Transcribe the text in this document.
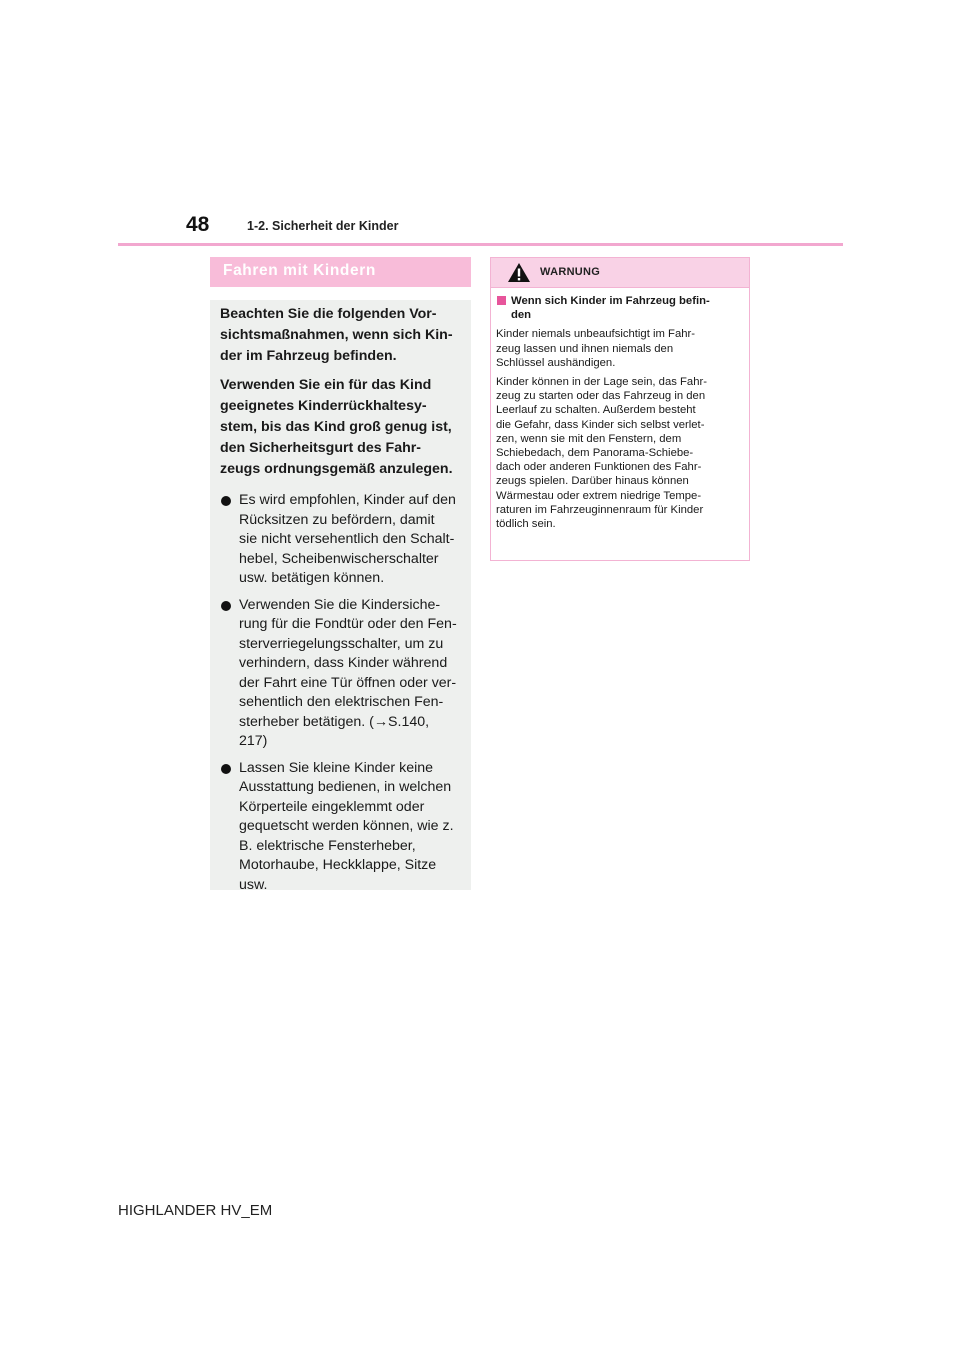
48	1-2. Sicherheit der Kinder
Fahren mit Kindern

Beachten Sie die folgenden Vor-

sichtsmaßnahmen, wenn sich Kin-

der im Fahrzeug befinden.

Verwenden Sie ein für das Kind

geeignetes Kinderrückhaltesy-

stem, bis das Kind groß genug ist,

den Sicherheitsgurt des Fahr-

zeugs ordnungsgemäß anzulegen.

Es wird empfohlen, Kinder auf den
Rücksitzen zu befördern, damit
sie nicht versehentlich den Schalt-
hebel, Scheibenwischerschalter
usw. betätigen können.
Verwenden Sie die Kindersiche-
rung für die Fondtür oder den Fen-
sterverriegelungsschalter, um zu
verhindern, dass Kinder während
der Fahrt eine Tür öffnen oder ver-
sehentlich den elektrischen Fen-
sterheber betätigen. (→S.140,
217)
Lassen Sie kleine Kinder keine
Ausstattung bedienen, in welchen
Körperteile eingeklemmt oder
gequetscht werden können, wie z.
B. elektrische Fensterheber,
Motorhaube, Heckklappe, Sitze
usw.
WARNUNG
Wenn sich Kinder im Fahrzeug befin-
den

Kinder niemals unbeaufsichtigt im Fahr-
zeug lassen und ihnen niemals den
Schlüssel aushändigen.

Kinder können in der Lage sein, das Fahr-
zeug zu starten oder das Fahrzeug in den
Leerlauf zu schalten. Außerdem besteht
die Gefahr, dass Kinder sich selbst verlet-
zen, wenn sie mit den Fenstern, dem
Schiebedach, dem Panorama-Schiebe-
dach oder anderen Funktionen des Fahr-
zeugs spielen. Darüber hinaus können
Wärmestau oder extrem niedrige Tempe-
raturen im Fahrzeuginnenraum für Kinder
tödlich sein.

HIGHLANDER HV_EM
